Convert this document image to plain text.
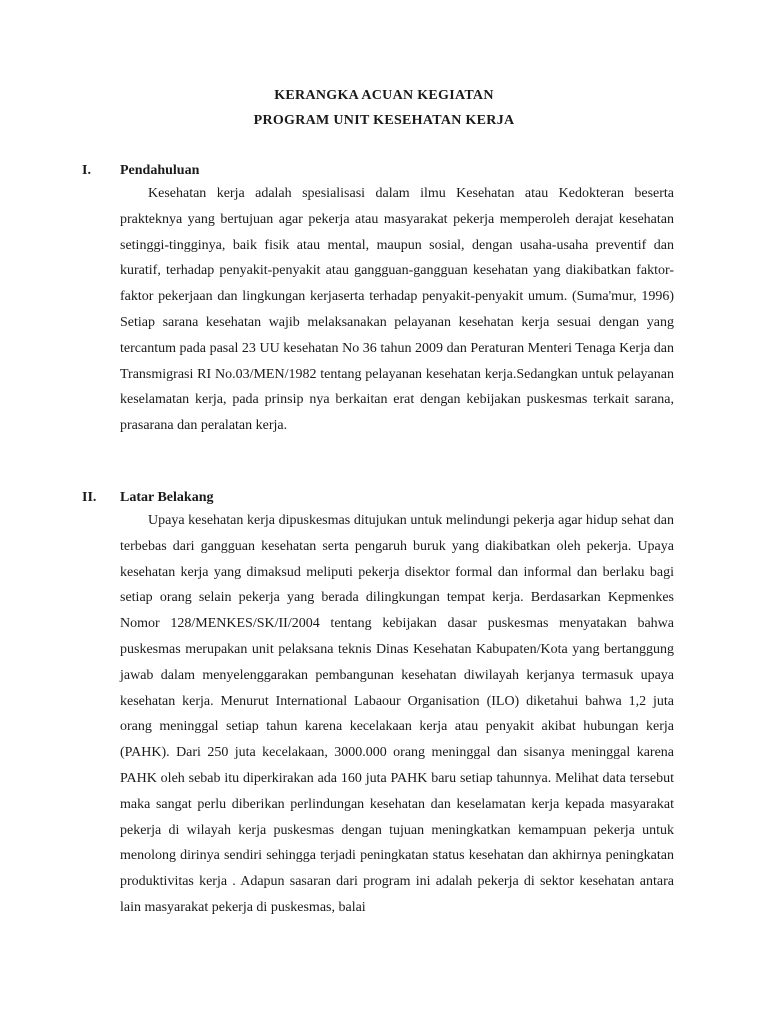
KERANGKA ACUAN KEGIATAN
PROGRAM UNIT KESEHATAN KERJA
I. Pendahuluan

Kesehatan kerja adalah spesialisasi dalam ilmu Kesehatan atau Kedokteran beserta prakteknya yang bertujuan agar pekerja atau masyarakat pekerja memperoleh derajat kesehatan setinggi-tingginya, baik fisik atau mental, maupun sosial, dengan usaha-usaha preventif dan kuratif, terhadap penyakit-penyakit atau gangguan-gangguan kesehatan yang diakibatkan faktor-faktor pekerjaan dan lingkungan kerjaserta terhadap penyakit-penyakit umum. (Suma'mur, 1996) Setiap sarana kesehatan wajib melaksanakan pelayanan kesehatan kerja sesuai dengan yang tercantum pada pasal 23 UU kesehatan No 36 tahun 2009 dan Peraturan Menteri Tenaga Kerja dan Transmigrasi RI No.03/MEN/1982 tentang pelayanan kesehatan kerja.Sedangkan untuk pelayanan keselamatan kerja, pada prinsip nya berkaitan erat dengan kebijakan puskesmas terkait sarana, prasarana dan peralatan kerja.

II. Latar Belakang

Upaya kesehatan kerja dipuskesmas ditujukan untuk melindungi pekerja agar hidup sehat dan terbebas dari gangguan kesehatan serta pengaruh buruk yang diakibatkan oleh pekerja. Upaya kesehatan kerja yang dimaksud meliputi pekerja disektor formal dan informal dan berlaku bagi setiap orang selain pekerja yang berada dilingkungan tempat kerja. Berdasarkan Kepmenkes Nomor 128/MENKES/SK/II/2004 tentang kebijakan dasar puskesmas menyatakan bahwa puskesmas merupakan unit pelaksana teknis Dinas Kesehatan Kabupaten/Kota yang bertanggung jawab dalam menyelenggarakan pembangunan kesehatan diwilayah kerjanya termasuk upaya kesehatan kerja. Menurut International Labaour Organisation (ILO) diketahui bahwa 1,2 juta orang meninggal setiap tahun karena kecelakaan kerja atau penyakit akibat hubungan kerja (PAHK). Dari 250 juta kecelakaan, 3000.000 orang meninggal dan sisanya meninggal karena PAHK oleh sebab itu diperkirakan ada 160 juta PAHK baru setiap tahunnya. Melihat data tersebut maka sangat perlu diberikan perlindungan kesehatan dan keselamatan kerja kepada masyarakat pekerja di wilayah kerja puskesmas dengan tujuan meningkatkan kemampuan pekerja untuk menolong dirinya sendiri sehingga terjadi peningkatan status kesehatan dan akhirnya peningkatan produktivitas kerja . Adapun sasaran dari program ini adalah pekerja di sektor kesehatan antara lain masyarakat pekerja di puskesmas, balai
